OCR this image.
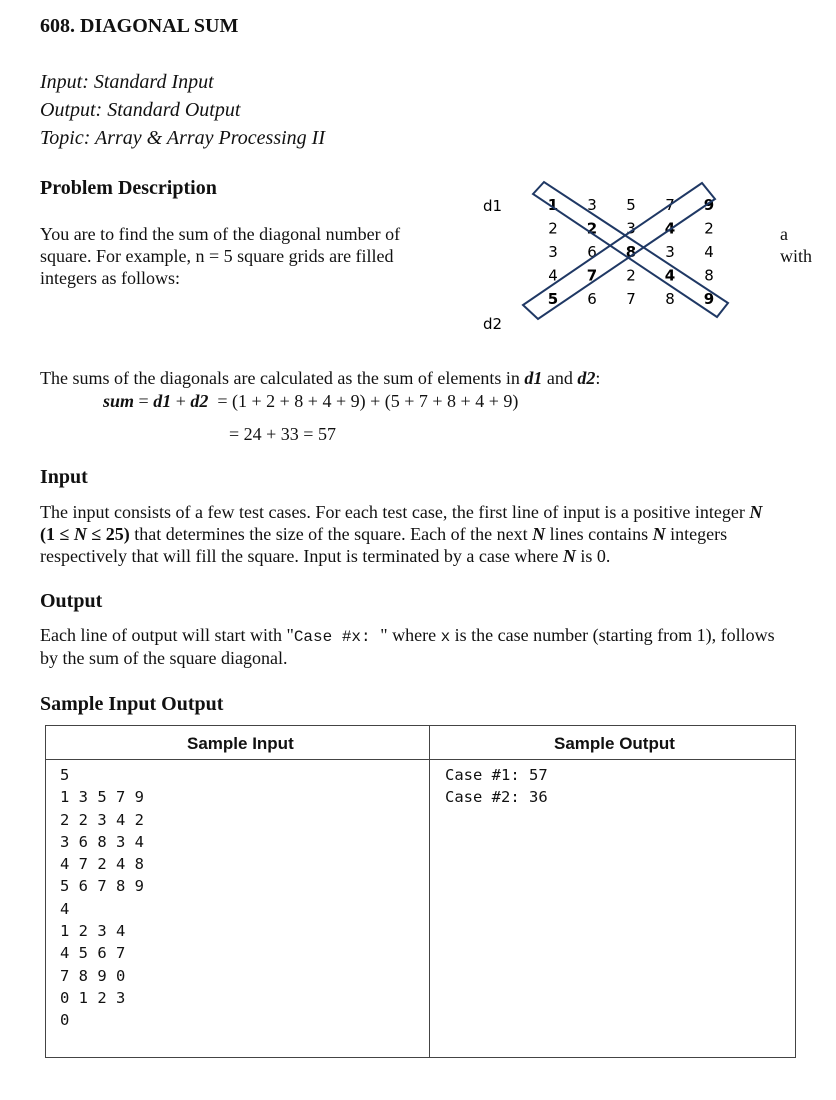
608. DIAGONAL SUM
Input: Standard Input
Output: Standard Output
Topic: Array & Array Processing II
Problem Description
You are to find the sum of the diagonal number of
square. For example, n = 5 square grids are filled
integers as follows:
a
with
d1
d2
1 3 5 7 9
2 2 3 4 2
3 6 8 3 4
4 7 2 4 8
5 6 7 8 9
The sums of the diagonals are calculated as the sum of elements in d1 and d2:
sum = d1 + d2  = (1 + 2 + 8 + 4 + 9) + (5 + 7 + 8 + 4 + 9)
= 24 + 33 = 57
Input
The input consists of a few test cases. For each test case, the first line of input is a positive integer N
(1 ≤ N ≤ 25) that determines the size of the square. Each of the next N lines contains N integers
respectively that will fill the square. Input is terminated by a case where N is 0.
Output
Each line of output will start with "Case #x: " where x is the case number (starting from 1), follows
by the sum of the square diagonal.
Sample Input Output
Sample Input	Sample Output
5
1 3 5 7 9
2 2 3 4 2
3 6 8 3 4
4 7 2 4 8
5 6 7 8 9
4
1 2 3 4
4 5 6 7
7 8 9 0
0 1 2 3
0
Case #1: 57
Case #2: 36
